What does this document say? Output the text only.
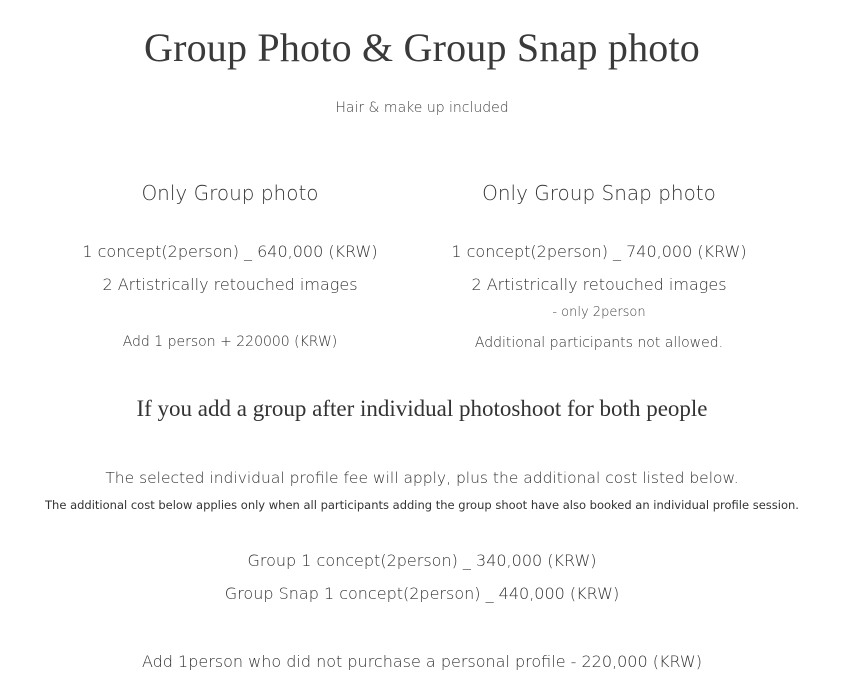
Group Photo & Group Snap photo
Hair & make up included
Only Group photo
1 concept(2person) _ 640,000 (KRW)
2 Artistrically retouched images
Add 1 person + 220000 (KRW)
Only Group Snap photo
1 concept(2person) _ 740,000 (KRW)
2 Artistrically retouched images
- only 2person
Additional participants not allowed.
If you add a group after individual photoshoot for both people
The selected individual profile fee will apply, plus the additional cost listed below.
The additional cost below applies only when all participants adding the group shoot have also booked an individual profile session.
Group 1 concept(2person) _ 340,000 (KRW)
Group Snap 1 concept(2person) _ 440,000 (KRW)
Add 1person who did not purchase a personal profile - 220,000 (KRW)
